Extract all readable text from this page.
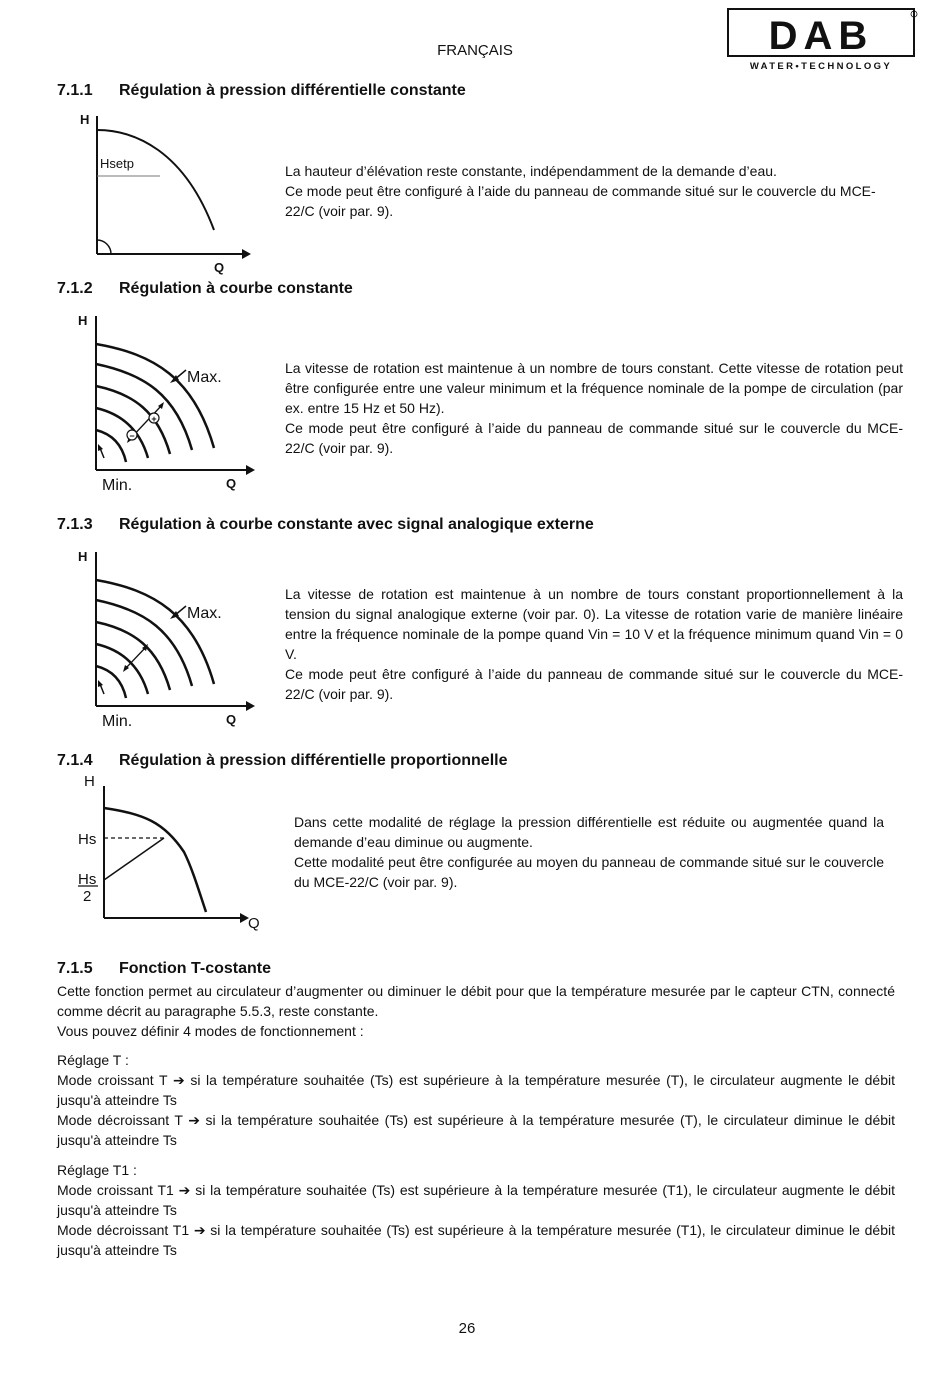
FRANÇAIS	DAB
WATER•TECHNOLOGY
7.1.1 Régulation à pression différentielle constante
H
Q
Hsetp	La hauteur d’élévation reste constante, indépendamment de la demande d’eau.

Ce mode peut être configuré à l’aide du panneau de commande situé sur le couvercle du MCE-22/C (voir par. 9).

7.1.2 Régulation à courbe constante
H
Q
Max.
Min.
+
−

La vitesse de rotation est maintenue à un nombre de tours constant. Cette vitesse de rotation peut être configurée entre une valeur minimum et la fréquence nominale de la pompe de circulation (par ex. entre 15 Hz et 50 Hz).

Ce mode peut être configuré à l’aide du panneau de commande situé sur le couvercle du MCE-22/C (voir par. 9).

7.1.3 Régulation à courbe constante avec signal analogique externe
H
Q
Max.
Min.

La vitesse de rotation est maintenue à un nombre de tours constant proportionnellement à la tension du signal analogique externe (voir par. 0). La vitesse de rotation varie de manière linéaire entre la fréquence nominale de la pompe quand Vin = 10 V et la fréquence minimum quand Vin = 0 V.

Ce mode peut être configuré à l’aide du panneau de commande situé sur le couvercle du MCE-22/C (voir par. 9).

7.1.4 Régulation à pression différentielle proportionnelle
H
Q
Hs
Hs
2

Dans cette modalité de réglage la pression différentielle est réduite ou augmentée quand la demande d’eau diminue ou augmente.

Cette modalité peut être configurée au moyen du panneau de commande situé sur le couvercle du MCE-22/C (voir par. 9).

7.1.5 Fonction T-costante

Cette fonction permet au circulateur d’augmenter ou diminuer le débit pour que la température mesurée par le capteur CTN, connecté comme décrit au paragraphe 5.5.3, reste constante.

Vous pouvez définir 4 modes de fonctionnement :

Réglage T :

Mode croissant T ➔ si la température souhaitée (Ts) est supérieure à la température mesurée (T), le circulateur augmente le débit jusqu'à atteindre Ts

Mode décroissant T ➔ si la température souhaitée (Ts) est supérieure à la température mesurée (T), le circulateur diminue le débit jusqu'à atteindre Ts

Réglage T1 :

Mode croissant T1 ➔ si la température souhaitée (Ts) est supérieure à la température mesurée (T1), le circulateur augmente le débit jusqu'à atteindre Ts

Mode décroissant T1 ➔ si la température souhaitée (Ts) est supérieure à la température mesurée (T1), le circulateur diminue le débit jusqu'à atteindre Ts

26
